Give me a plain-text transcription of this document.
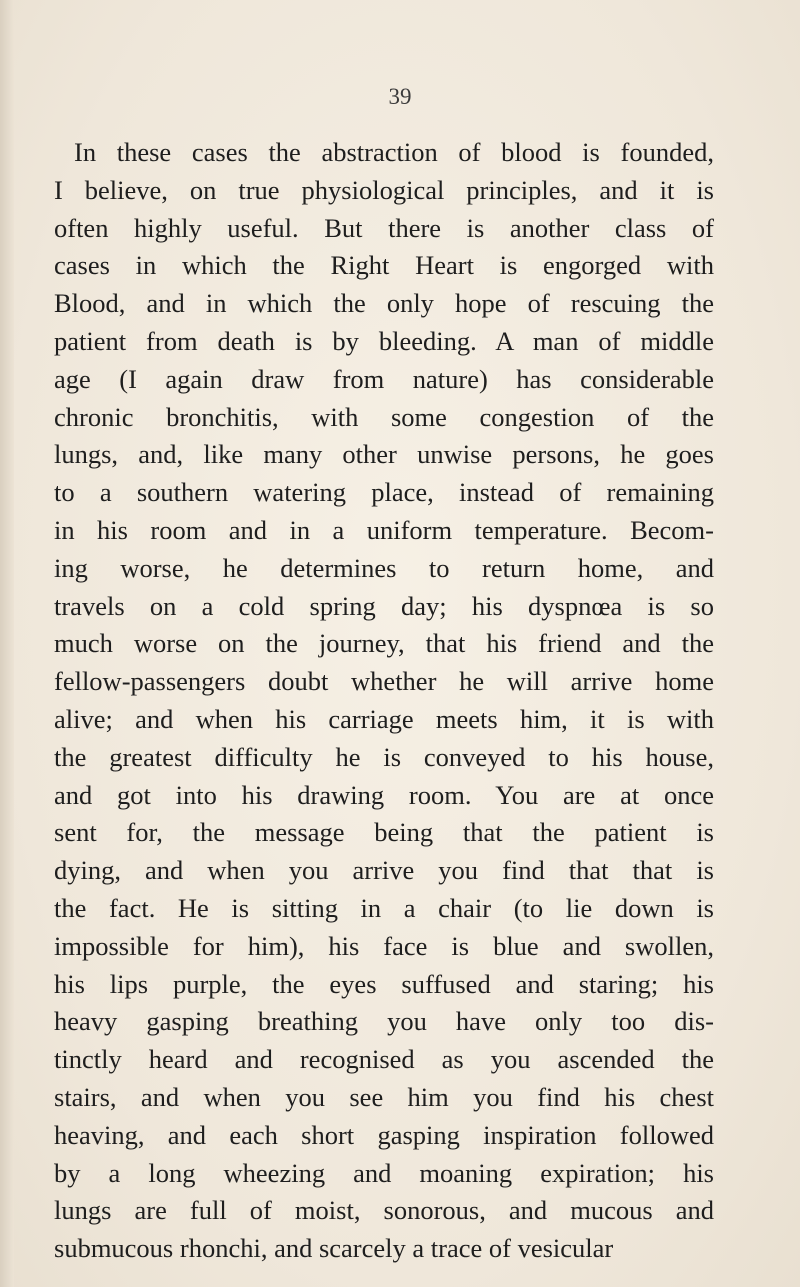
39
In these cases the abstraction of blood is founded,
I believe, on true physiological principles, and it is
often highly useful. But there is another class of
cases in which the Right Heart is engorged with
Blood, and in which the only hope of rescuing the
patient from death is by bleeding. A man of middle
age (I again draw from nature) has considerable
chronic bronchitis, with some congestion of the
lungs, and, like many other unwise persons, he goes
to a southern watering place, instead of remaining
in his room and in a uniform temperature. Becom-
ing worse, he determines to return home, and
travels on a cold spring day; his dyspnœa is so
much worse on the journey, that his friend and the
fellow-passengers doubt whether he will arrive home
alive; and when his carriage meets him, it is with
the greatest difficulty he is conveyed to his house,
and got into his drawing room. You are at once
sent for, the message being that the patient is
dying, and when you arrive you find that that is
the fact. He is sitting in a chair (to lie down is
impossible for him), his face is blue and swollen,
his lips purple, the eyes suffused and staring; his
heavy gasping breathing you have only too dis-
tinctly heard and recognised as you ascended the
stairs, and when you see him you find his chest
heaving, and each short gasping inspiration followed
by a long wheezing and moaning expiration; his
lungs are full of moist, sonorous, and mucous and
submucous rhonchi, and scarcely a trace of vesicular
